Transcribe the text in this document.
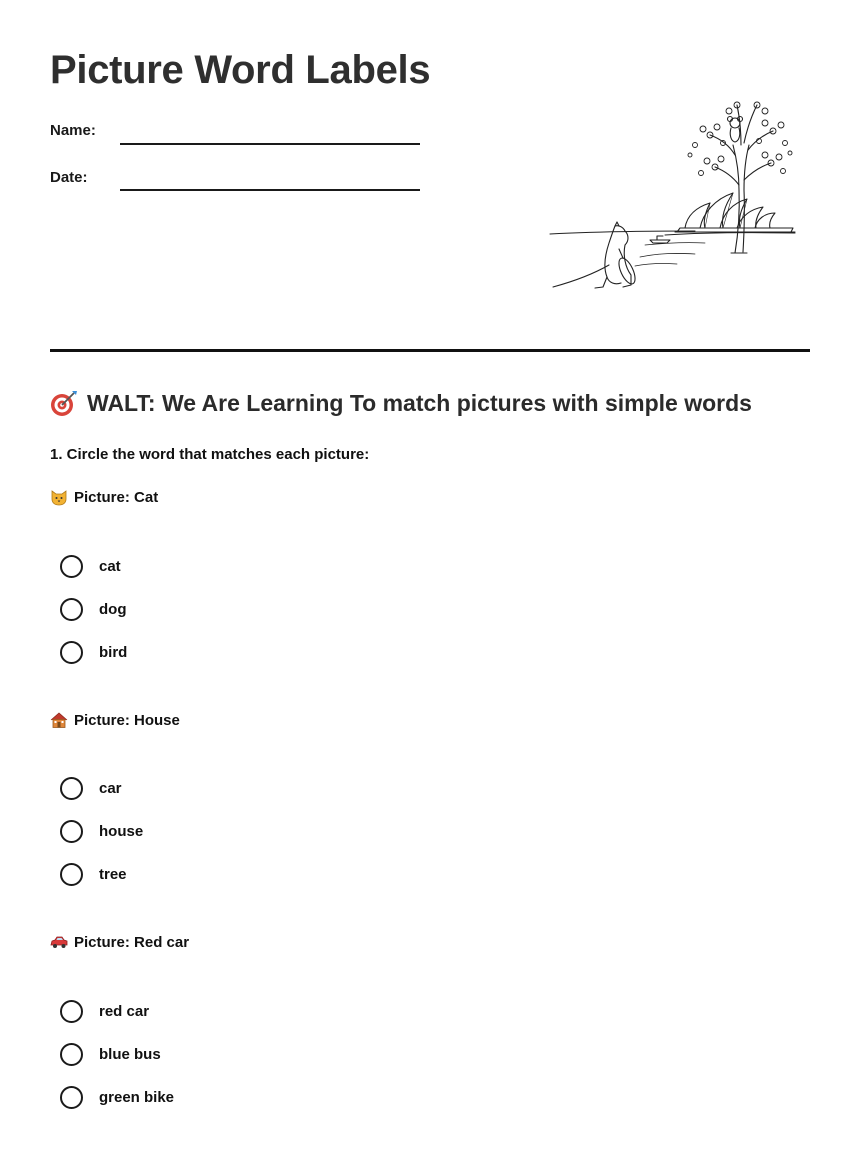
Picture Word Labels
Name:
Date:
WALT: We Are Learning To match pictures with simple words
1. Circle the word that matches each picture:
Picture: Cat
cat
dog
bird
Picture: House
car
house
tree
Picture: Red car
red car
blue bus
green bike
